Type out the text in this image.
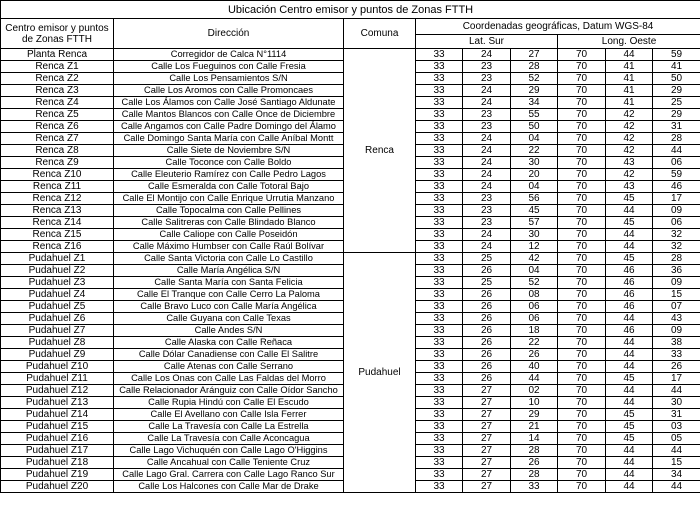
Ubicación Centro emisor y puntos de Zonas FTTH								
Centro emisor y puntos de Zonas FTTH	Dirección	Comuna	Coordenadas geográficas, Datum WGS-84					
			Lat. Sur			Long. Oeste		
Planta Renca	Corregidor de Calca N°1114	Renca	33	24	27	70	44	59
Renca Z1	Calle Los Fueguinos con Calle Fresia		33	23	28	70	41	41
Renca Z2	Calle Los Pensamientos S/N		33	23	52	70	41	50
Renca Z3	Calle Los Aromos con Calle Promoncaes		33	24	29	70	41	29
Renca Z4	Calle Los Álamos con Calle José Santiago Aldunate		33	24	34	70	41	25
Renca Z5	Calle Mantos Blancos con Calle Once de Diciembre		33	23	55	70	42	29
Renca Z6	Calle Angamos con Calle Padre Domingo del Álamo		33	23	50	70	42	31
Renca Z7	Calle Domingo Santa María con Calle Aníbal Montt		33	24	04	70	42	28
Renca Z8	Calle Siete de Noviembre S/N		33	24	22	70	42	44
Renca Z9	Calle Toconce con Calle Boldo		33	24	30	70	43	06
Renca Z10	Calle Eleuterio Ramírez con Calle Pedro Lagos		33	24	20	70	42	59
Renca Z11	Calle Esmeralda con Calle Totoral Bajo		33	24	04	70	43	46
Renca Z12	Calle El Montijo con Calle Enrique Urrutia Manzano		33	23	56	70	45	17
Renca Z13	Calle Topocalma con Calle Pellines		33	23	45	70	44	09
Renca Z14	Calle Salitreras con Calle Blindado Blanco		33	23	57	70	45	06
Renca Z15	Calle Caliope con Calle Poseidón		33	24	30	70	44	32
Renca Z16	Calle Máximo Humbser con Calle Raúl Bolívar		33	24	12	70	44	32
Pudahuel Z1	Calle Santa Victoria con Calle Lo Castillo	Pudahuel	33	25	42	70	45	28
Pudahuel Z2	Calle María Angélica S/N		33	26	04	70	46	36
Pudahuel Z3	Calle Santa María con Santa Felicia		33	25	52	70	46	09
Pudahuel Z4	Calle El Tranque con Calle Cerro La Paloma		33	26	08	70	46	15
Pudahuel Z5	Calle Bravo Luco con Calle María Angélica		33	26	06	70	46	07
Pudahuel Z6	Calle Guyana con Calle Texas		33	26	06	70	44	43
Pudahuel Z7	Calle Andes S/N		33	26	18	70	46	09
Pudahuel Z8	Calle Alaska con Calle Reñaca		33	26	22	70	44	38
Pudahuel Z9	Calle Dólar Canadiense con Calle El Salitre		33	26	26	70	44	33
Pudahuel Z10	Calle Atenas con Calle Serrano		33	26	40	70	44	26
Pudahuel Z11	Calle Los Onas con Calle Las Faldas del Morro		33	26	44	70	45	17
Pudahuel Z12	Calle Relacionador Aránguiz con Calle Oídor Sancho		33	27	02	70	44	44
Pudahuel Z13	Calle Rupia Hindú con Calle El Escudo		33	27	10	70	44	30
Pudahuel Z14	Calle El Avellano con Calle Isla Ferrer		33	27	29	70	45	31
Pudahuel Z15	Calle La Travesía con Calle La Estrella		33	27	21	70	45	03
Pudahuel Z16	Calle La Travesía con Calle Aconcagua		33	27	14	70	45	05
Pudahuel Z17	Calle Lago Vichuquén con Calle Lago O'Higgins		33	27	28	70	44	44
Pudahuel Z18	Calle Ancahual con Calle Teniente Cruz		33	27	26	70	44	15
Pudahuel Z19	Calle Lago Gral. Carrera con Calle Lago Ranco Sur		33	27	28	70	44	34
Pudahuel Z20	Calle Los Halcones con Calle Mar de Drake		33	27	33	70	44	44
